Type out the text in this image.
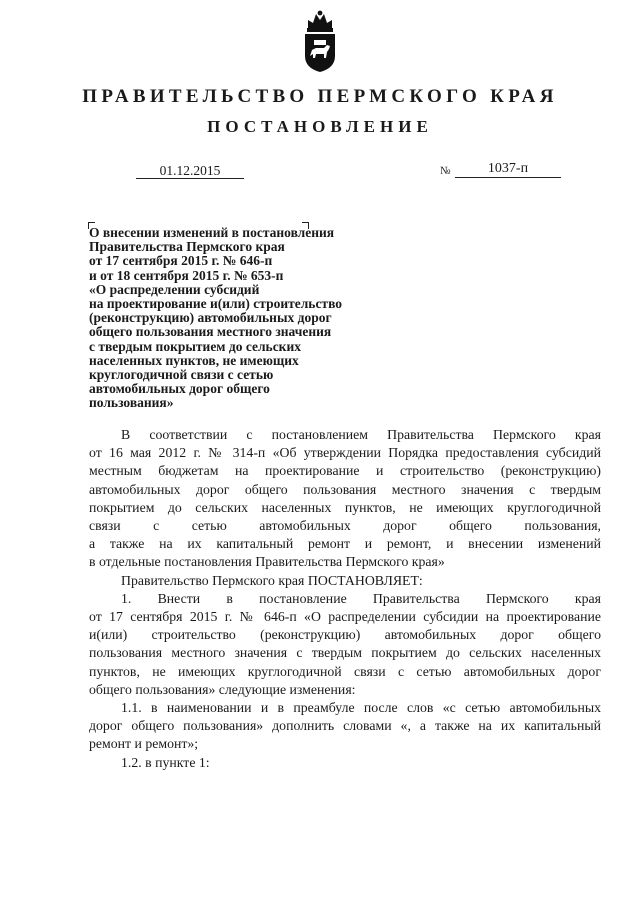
ПРАВИТЕЛЬСТВО ПЕРМСКОГО КРАЯ
ПОСТАНОВЛЕНИЕ
01.12.2015	№	1037-п
О внесении изменений в постановления
Правительства Пермского края
от 17 сентября 2015 г. № 646-п
и от 18 сентября 2015 г. № 653-п
«О распределении субсидий
на проектирование и(или) строительство
(реконструкцию) автомобильных дорог
общего пользования местного значения
с твердым покрытием до сельских
населенных пунктов, не имеющих
круглогодичной связи с сетью
автомобильных дорог общего
пользования»

В соответствии с постановлением Правительства Пермского края

от 16 мая 2012 г. № 314-п «Об утверждении Порядка предоставления субсидий

местным бюджетам на проектирование и строительство (реконструкцию)

автомобильных дорог общего пользования местного значения с твердым

покрытием до сельских населенных пунктов, не имеющих круглогодичной

связи с сетью автомобильных дорог общего пользования,

а также на их капитальный ремонт и ремонт, и внесении изменений

в отдельные постановления Правительства Пермского края»

Правительство Пермского края ПОСТАНОВЛЯЕТ:

1. Внести в постановление Правительства Пермского края

от 17 сентября 2015 г. № 646-п «О распределении субсидии на проектирование

и(или) строительство (реконструкцию) автомобильных дорог общего

пользования местного значения с твердым покрытием до сельских населенных

пунктов, не имеющих круглогодичной связи с сетью автомобильных дорог

общего пользования» следующие изменения:

1.1. в наименовании и в преамбуле после слов «с сетью автомобильных

дорог общего пользования» дополнить словами «, а также на их капитальный

ремонт и ремонт»;

1.2. в пункте 1:
